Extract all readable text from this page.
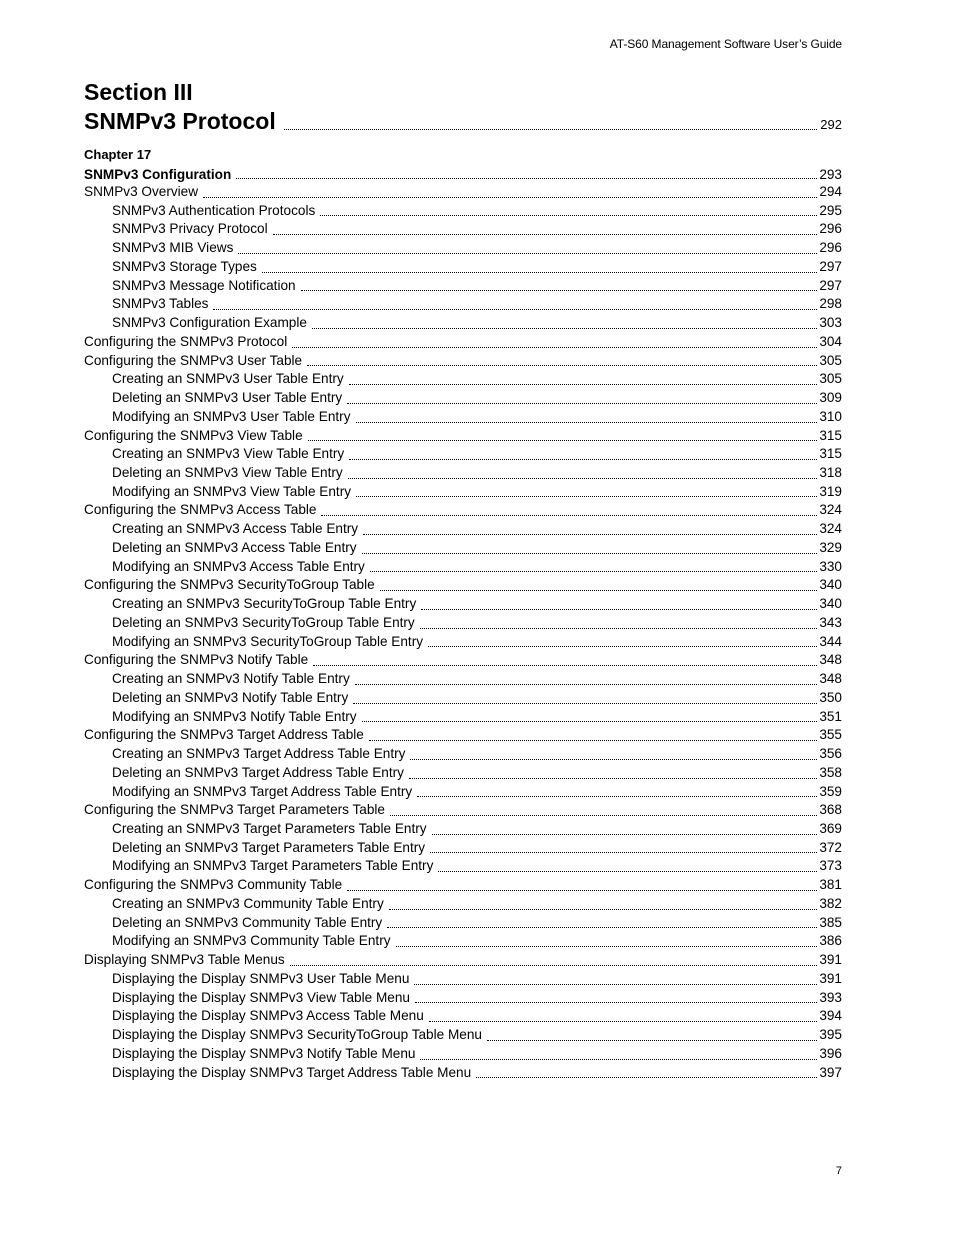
AT-S60 Management Software User’s Guide
Section III
SNMPv3 Protocol	292
Chapter 17
SNMPv3 Configuration	293
SNMPv3 Overview	294
SNMPv3 Authentication Protocols	295
SNMPv3 Privacy Protocol	296
SNMPv3 MIB Views	296
SNMPv3 Storage Types	297
SNMPv3 Message Notification	297
SNMPv3 Tables	298
SNMPv3 Configuration Example	303
Configuring the SNMPv3 Protocol	304
Configuring the SNMPv3 User Table	305
Creating an SNMPv3 User Table Entry	305
Deleting an SNMPv3 User Table Entry	309
Modifying an SNMPv3 User Table Entry	310
Configuring the SNMPv3 View Table	315
Creating an SNMPv3 View Table Entry	315
Deleting an SNMPv3 View Table Entry	318
Modifying an SNMPv3 View Table Entry	319
Configuring the SNMPv3 Access Table	324
Creating an SNMPv3 Access Table Entry	324
Deleting an SNMPv3 Access Table Entry	329
Modifying an SNMPv3 Access Table Entry	330
Configuring the SNMPv3 SecurityToGroup Table	340
Creating an SNMPv3 SecurityToGroup Table Entry	340
Deleting an SNMPv3 SecurityToGroup Table Entry	343
Modifying an SNMPv3 SecurityToGroup Table Entry	344
Configuring the SNMPv3 Notify Table	348
Creating an SNMPv3 Notify Table Entry	348
Deleting an SNMPv3 Notify Table Entry	350
Modifying an SNMPv3 Notify Table Entry	351
Configuring the SNMPv3 Target Address Table	355
Creating an SNMPv3 Target Address Table Entry	356
Deleting an SNMPv3 Target Address Table Entry	358
Modifying an SNMPv3 Target Address Table Entry	359
Configuring the SNMPv3 Target Parameters Table	368
Creating an SNMPv3 Target Parameters Table Entry	369
Deleting an SNMPv3 Target Parameters Table Entry	372
Modifying an SNMPv3 Target Parameters Table Entry	373
Configuring the SNMPv3 Community Table	381
Creating an SNMPv3 Community Table Entry	382
Deleting an SNMPv3 Community Table Entry	385
Modifying an SNMPv3 Community Table Entry	386
Displaying SNMPv3 Table Menus	391
Displaying the Display SNMPv3 User Table Menu	391
Displaying the Display SNMPv3 View Table Menu	393
Displaying the Display SNMPv3 Access Table Menu	394
Displaying the Display SNMPv3 SecurityToGroup Table Menu	395
Displaying the Display SNMPv3 Notify Table Menu	396
Displaying the Display SNMPv3 Target Address Table Menu	397
7
